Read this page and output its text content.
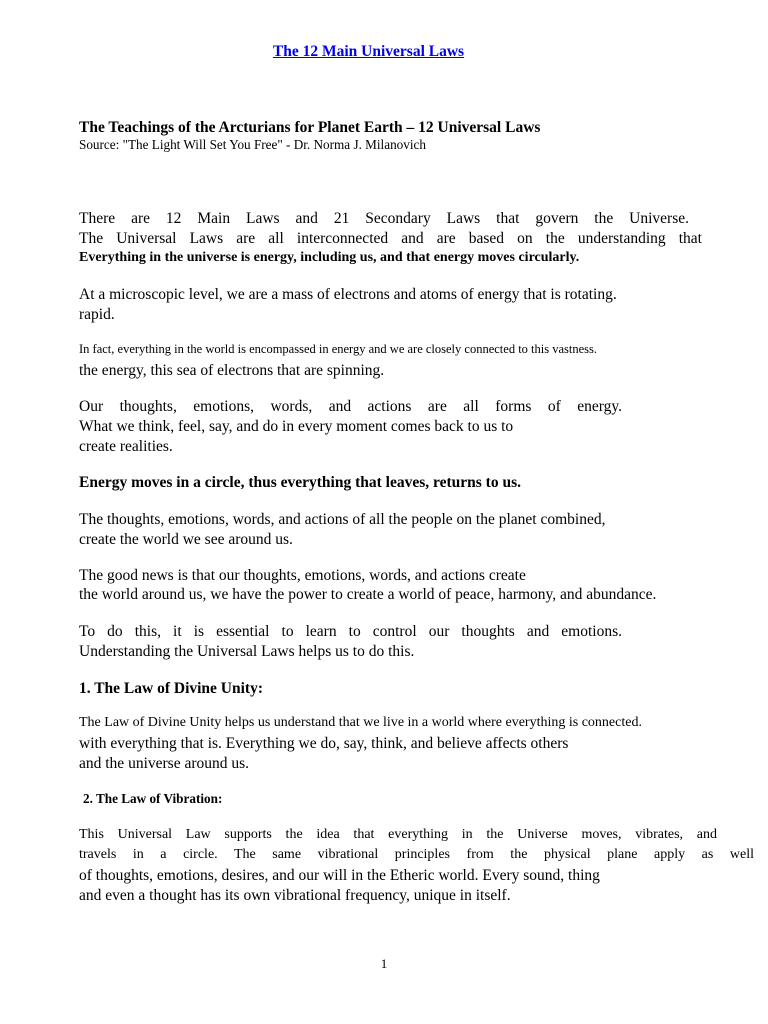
The 12 Main Universal Laws
The Teachings of the Arcturians for Planet Earth – 12 Universal Laws
Source: "The Light Will Set You Free" - Dr. Norma J. Milanovich
There are 12 Main Laws and 21 Secondary Laws that govern the Universe.
The Universal Laws are all interconnected and are based on the understanding that
Everything in the universe is energy, including us, and that energy moves circularly.
At a microscopic level, we are a mass of electrons and atoms of energy that is rotating.
rapid.
In fact, everything in the world is encompassed in energy and we are closely connected to this vastness.
the energy, this sea of electrons that are spinning.
Our thoughts, emotions, words, and actions are all forms of energy.
What we think, feel, say, and do in every moment comes back to us to
create realities.
Energy moves in a circle, thus everything that leaves, returns to us.
The thoughts, emotions, words, and actions of all the people on the planet combined,
create the world we see around us.
The good news is that our thoughts, emotions, words, and actions create
the world around us, we have the power to create a world of peace, harmony, and abundance.
To do this, it is essential to learn to control our thoughts and emotions.
Understanding the Universal Laws helps us to do this.
1. The Law of Divine Unity:
The Law of Divine Unity helps us understand that we live in a world where everything is connected.
with everything that is. Everything we do, say, think, and believe affects others
and the universe around us.
2. The Law of Vibration:
This Universal Law supports the idea that everything in the Universe moves, vibrates, and
travels in a circle. The same vibrational principles from the physical plane apply as well
of thoughts, emotions, desires, and our will in the Etheric world. Every sound, thing
and even a thought has its own vibrational frequency, unique in itself.
1
